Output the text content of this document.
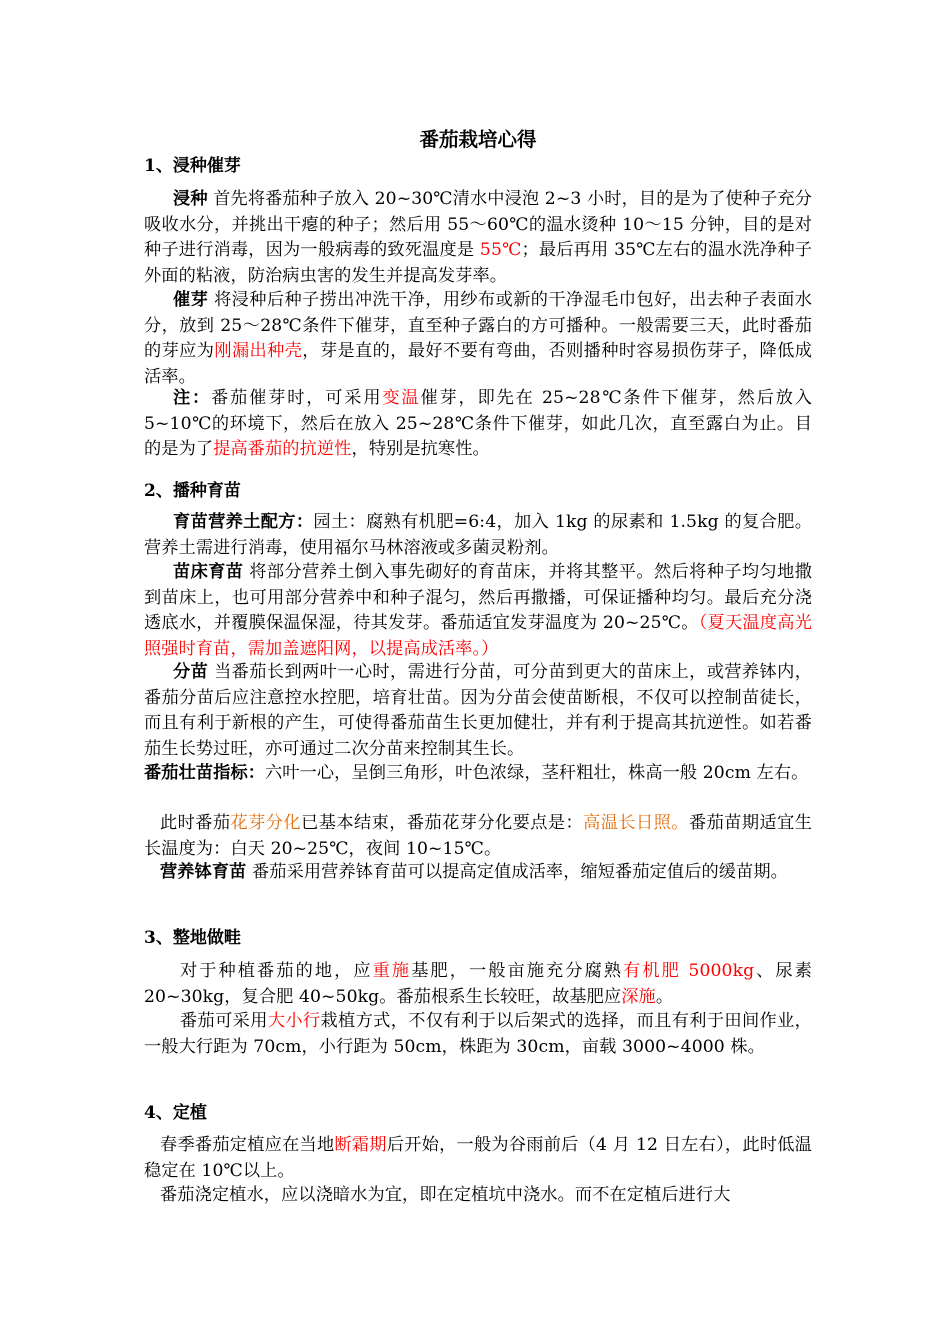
番茄栽培心得
1、浸种催芽
浸种 首先将番茄种子放入 20~30℃清水中浸泡 2~3 小时，目的是为了使种子充分吸收水分，并挑出干瘪的种子；然后用 55～60℃的温水烫种 10～15 分钟，目的是对种子进行消毒，因为一般病毒的致死温度是 55℃；最后再用 35℃左右的温水洗净种子外面的粘液，防治病虫害的发生并提高发芽率。
催芽 将浸种后种子捞出冲洗干净，用纱布或新的干净湿毛巾包好，出去种子表面水分，放到 25～28℃条件下催芽，直至种子露白的方可播种。一般需要三天，此时番茄的芽应为刚漏出种壳，芽是直的，最好不要有弯曲，否则播种时容易损伤芽子，降低成活率。
注：番茄催芽时，可采用变温催芽，即先在 25~28℃条件下催芽，然后放入 5~10℃的环境下，然后在放入 25~28℃条件下催芽，如此几次，直至露白为止。目的是为了提高番茄的抗逆性，特别是抗寒性。
2、播种育苗
育苗营养土配方：园土：腐熟有机肥=6:4，加入 1kg 的尿素和 1.5kg 的复合肥。营养土需进行消毒，使用福尔马林溶液或多菌灵粉剂。
苗床育苗 将部分营养土倒入事先砌好的育苗床，并将其整平。然后将种子均匀地撒到苗床上，也可用部分营养中和种子混匀，然后再撒播，可保证播种均匀。最后充分浇透底水，并覆膜保温保湿，待其发芽。番茄适宜发芽温度为 20~25℃。（夏天温度高光照强时育苗，需加盖遮阳网，以提高成活率。）
分苗 当番茄长到两叶一心时，需进行分苗，可分苗到更大的苗床上，或营养钵内，番茄分苗后应注意控水控肥，培育壮苗。因为分苗会使苗断根，不仅可以控制苗徒长，而且有利于新根的产生，可使得番茄苗生长更加健壮，并有利于提高其抗逆性。如若番茄生长势过旺，亦可通过二次分苗来控制其生长。
番茄壮苗指标：六叶一心，呈倒三角形，叶色浓绿，茎秆粗壮，株高一般 20cm 左右。
此时番茄花芽分化已基本结束，番茄花芽分化要点是：高温长日照。番茄苗期适宜生长温度为：白天 20~25℃，夜间 10~15℃。
营养钵育苗 番茄采用营养钵育苗可以提高定值成活率，缩短番茄定值后的缓苗期。
3、整地做畦
对于种植番茄的地，应重施基肥，一般亩施充分腐熟有机肥 5000kg、尿素 20~30kg，复合肥 40~50kg。番茄根系生长较旺，故基肥应深施。
番茄可采用大小行栽植方式，不仅有利于以后架式的选择，而且有利于田间作业，一般大行距为 70cm，小行距为 50cm，株距为 30cm，亩载 3000~4000 株。
4、定植
春季番茄定植应在当地断霜期后开始，一般为谷雨前后（4 月 12 日左右），此时低温稳定在 10℃以上。
番茄浇定植水，应以浇暗水为宜，即在定植坑中浇水。而不在定植后进行大
